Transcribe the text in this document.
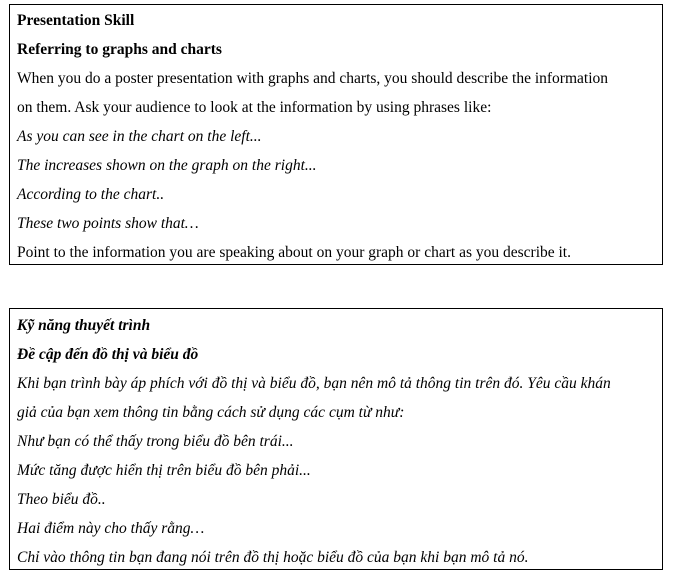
Presentation Skill
Referring to graphs and charts
When you do a poster presentation with graphs and charts, you should describe the information
on them. Ask your audience to look at the information by using phrases like:
As you can see in the chart on the left...
The increases shown on the graph on the right...
According to the chart..
These two points show that…
Point to the information you are speaking about on your graph or chart as you describe it.
Kỹ năng thuyết trình
Đề cập đến đồ thị và biểu đồ
Khi bạn trình bày áp phích với đồ thị và biểu đồ, bạn nên mô tả thông tin trên đó. Yêu cầu khán
giả của bạn xem thông tin bằng cách sử dụng các cụm từ như:
Như bạn có thể thấy trong biểu đồ bên trái...
Mức tăng được hiển thị trên biểu đồ bên phải...
Theo biểu đồ..
Hai điểm này cho thấy rằng…
Chỉ vào thông tin bạn đang nói trên đồ thị hoặc biểu đồ của bạn khi bạn mô tả nó.
